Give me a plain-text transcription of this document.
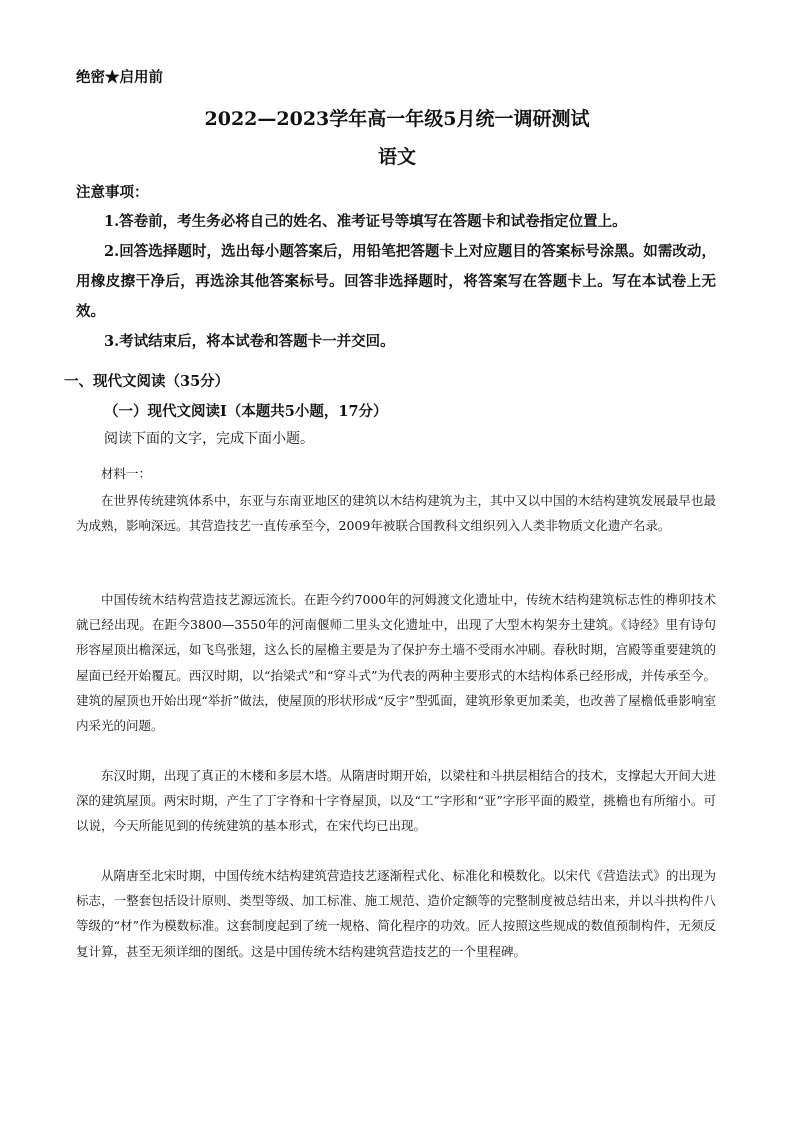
绝密★启用前
2022—2023学年高一年级5月统一调研测试
语文
注意事项：
1.答卷前，考生务必将自己的姓名、准考证号等填写在答题卡和试卷指定位置上。
2.回答选择题时，选出每小题答案后，用铅笔把答题卡上对应题目的答案标号涂黑。如需改动，用橡皮擦干净后，再选涂其他答案标号。回答非选择题时，将答案写在答题卡上。写在本试卷上无效。
3.考试结束后，将本试卷和答题卡一并交回。
一、现代文阅读（35分）
（一）现代文阅读Ⅰ（本题共5小题，17分）
阅读下面的文字，完成下面小题。
材料一：
在世界传统建筑体系中，东亚与东南亚地区的建筑以木结构建筑为主，其中又以中国的木结构建筑发展最早也最为成熟，影响深远。其营造技艺一直传承至今，2009年被联合国教科文组织列入人类非物质文化遗产名录。
中国传统木结构营造技艺源远流长。在距今约7000年的河姆渡文化遗址中，传统木结构建筑标志性的榫卯技术就已经出现。在距今3800—3550年的河南偃师二里头文化遗址中，出现了大型木构架夯土建筑。《诗经》里有诗句形容屋顶出檐深远，如飞鸟张翅，这么长的屋檐主要是为了保护夯土墙不受雨水冲刷。春秋时期，宫殿等重要建筑的屋面已经开始覆瓦。西汉时期，以“抬梁式”和“穿斗式”为代表的两种主要形式的木结构体系已经形成，并传承至今。建筑的屋顶也开始出现“举折”做法，使屋顶的形状形成“反宇”型弧面，建筑形象更加柔美，也改善了屋檐低垂影响室内采光的问题。
东汉时期，出现了真正的木楼和多层木塔。从隋唐时期开始，以梁柱和斗拱层相结合的技术，支撑起大开间大进深的建筑屋顶。两宋时期，产生了丁字脊和十字脊屋顶，以及“工”字形和“亚”字形平面的殿堂，挑檐也有所缩小。可以说，今天所能见到的传统建筑的基本形式，在宋代均已出现。
从隋唐至北宋时期，中国传统木结构建筑营造技艺逐渐程式化、标准化和模数化。以宋代《营造法式》的出现为标志，一整套包括设计原则、类型等级、加工标准、施工规范、造价定额等的完整制度被总结出来，并以斗拱构件八等级的“材”作为模数标准。这套制度起到了统一规格、简化程序的功效。匠人按照这些规成的数值预制构件，无须反复计算，甚至无须详细的图纸。这是中国传统木结构建筑营造技艺的一个里程碑。
